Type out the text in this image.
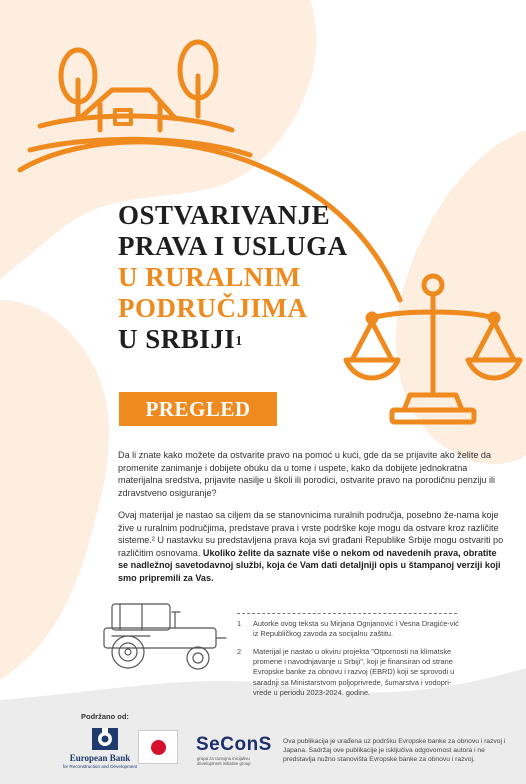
OSTVARIVANJE
PRAVA I USLUGA
U RURALNIM
PODRUČJIMA
U SRBIJI$^1$
PREGLED

Da li znate kako možete da ostvarite pravo na pomoć u kući, gde da se prijavite ako želite da promenite zanimanje i dobijete obuku da u tome i uspete, kako da dobijete jednokratna materijalna sredstva, prijavite nasilje u školi ili porodici, ostvarite pravo na porodičnu penziju ili zdravstveno osiguranje?

Ovaj materijal je nastao sa ciljem da se stanovnicima ruralnih područja, posebno že-nama koje žive u ruralnim područjima, predstave prava i vrste podrške koje mogu da ostvare kroz različite sisteme.² U nastavku su predstavljena prava koja svi građani Republike Srbije mogu ostvariti po različitim osnovama. Ukoliko želite da saznate više o nekom od navedenih prava, obratite se nadležnoj savetodavnoj službi, koja će Vam dati detaljniji opis u štampanoj verziji koji smo pripremili za Vas.

1 Autorke ovog teksta su Mirjana Ognjanović i Vesna Dragiće-vić iz Republičkog zavoda za socijalnu zaštitu.
2 Materijal je nastao u okviru projekta "Otpornosti na klimatske promene i navodnjavanje u Srbiji", koji je finansiran od strane Evropske banke za obnovu i razvoj (EBRD) koji se sprovodi u saradnji sa Ministarstvom poljoprivrede, šumarstva i vodopri-vrede u periodu 2023-2024. godine.
Podržano od:
European Bank
for Reconstruction and Development
SeConS
grupa za razvojnu inicijativu development initiative group

Ova publikacija je urađena uz podršku Evropske banke za obnovu i razvoj i Japana. Sadržaj ove publikacije je isključiva odgovornost autora i ne predstavlja nužno stanovišta Evropske banke za obnovu i razvoj.
